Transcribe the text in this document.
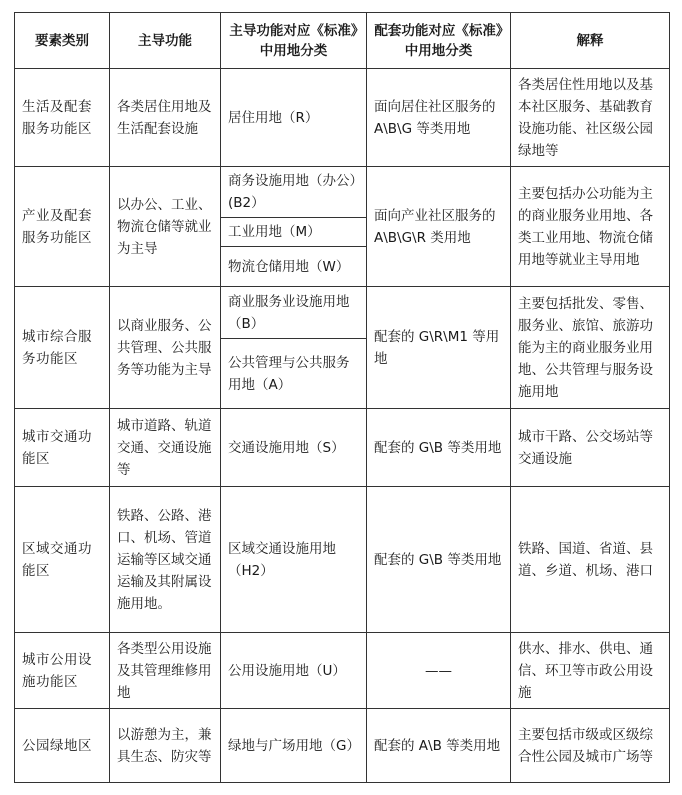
要素类别	主导功能	主导功能对应《标准》中用地分类	配套功能对应《标准》中用地分类	解释
生活及配套服务功能区	各类居住用地及生活配套设施	居住用地（R）	面向居住社区服务的 A\B\G 等类用地	各类居住性用地以及基本社区服务、基础教育设施功能、社区级公园绿地等
产业及配套服务功能区	以办公、工业、物流仓储等就业为主导	商务设施用地（办公）(B2）	面向产业社区服务的 A\B\G\R 类用地	主要包括办公功能为主的商业服务业用地、各类工业用地、物流仓储用地等就业主导用地
		工业用地（M）		
		物流仓储用地（W）		
城市综合服务功能区	以商业服务、公共管理、公共服务等功能为主导	商业服务业设施用地（B）	配套的 G\R\M1 等用地	主要包括批发、零售、服务业、旅馆、旅游功能为主的商业服务业用地、公共管理与服务设施用地
		公共管理与公共服务用地（A）		
城市交通功能区	城市道路、轨道交通、交通设施等	交通设施用地（S）	配套的 G\B 等类用地	城市干路、公交场站等交通设施
区域交通功能区	铁路、公路、港口、机场、管道运输等区域交通运输及其附属设施用地。	区域交通设施用地（H2）	配套的 G\B 等类用地	铁路、国道、省道、县道、乡道、机场、港口
城市公用设施功能区	各类型公用设施及其管理维修用地	公用设施用地（U）	——	供水、排水、供电、通信、环卫等市政公用设施
公园绿地区	以游憩为主，兼具生态、防灾等	绿地与广场用地（G）	配套的 A\B 等类用地	主要包括市级或区级综合性公园及城市广场等
